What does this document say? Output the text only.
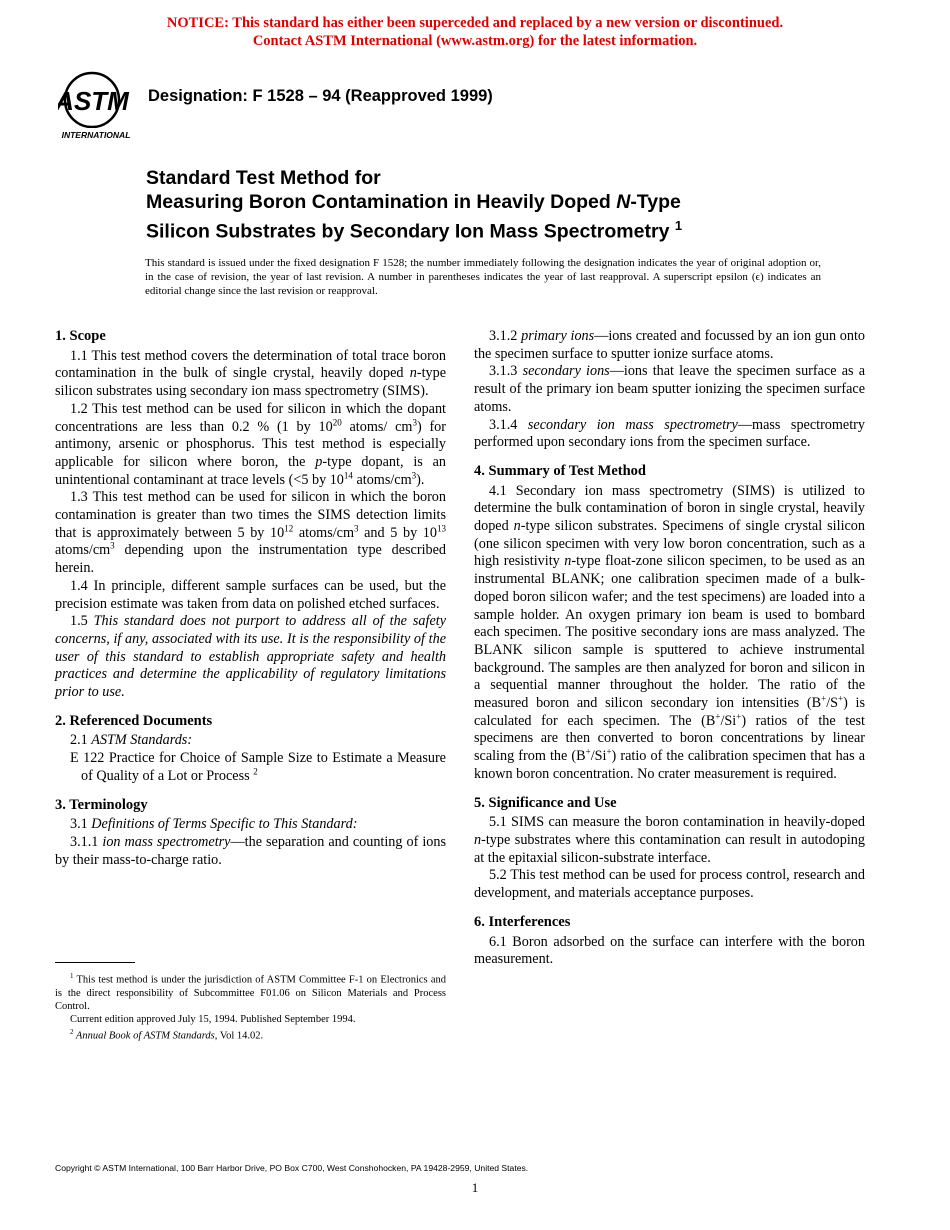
NOTICE: This standard has either been superceded and replaced by a new version or discontinued.
Contact ASTM International (www.astm.org) for the latest information.
ASTM
INTERNATIONAL
Designation: F 1528 – 94 (Reapproved 1999)
Standard Test Method for
Measuring Boron Contamination in Heavily Doped N-Type
Silicon Substrates by Secondary Ion Mass Spectrometry $^1$
This standard is issued under the fixed designation F 1528; the number immediately following the designation indicates the year of original adoption or, in the case of revision, the year of last revision. A number in parentheses indicates the year of last reapproval. A superscript epsilon (ϵ) indicates an editorial change since the last revision or reapproval.
1. Scope

1.1 This test method covers the determination of total trace boron contamination in the bulk of single crystal, heavily doped n-type silicon substrates using secondary ion mass spectrometry (SIMS).

1.2 This test method can be used for silicon in which the dopant concentrations are less than 0.2 % (1 by $10^{20}$ atoms/ $cm^3$) for antimony, arsenic or phosphorus. This test method is especially applicable for silicon where boron, the p-type dopant, is an unintentional contaminant at trace levels (<5 by $10^{14}$ atoms/$cm^3$).

1.3 This test method can be used for silicon in which the boron contamination is greater than two times the SIMS detection limits that is approximately between 5 by $10^{12}$ atoms/$cm^3$ and 5 by $10^{13}$ atoms/$cm^3$ depending upon the instrumentation type described herein.

1.4 In principle, different sample surfaces can be used, but the precision estimate was taken from data on polished etched surfaces.

1.5 This standard does not purport to address all of the safety concerns, if any, associated with its use. It is the responsibility of the user of this standard to establish appropriate safety and health practices and determine the applicability of regulatory limitations prior to use.

2. Referenced Documents

2.1 ASTM Standards:

E 122 Practice for Choice of Sample Size to Estimate a Measure of Quality of a Lot or Process $^2$

3. Terminology

3.1 Definitions of Terms Specific to This Standard:

3.1.1 ion mass spectrometry—the separation and counting of ions by their mass-to-charge ratio.

$^1$ This test method is under the jurisdiction of ASTM Committee F-1 on Electronics and is the direct responsibility of Subcommittee F01.06 on Silicon Materials and Process Control.

Current edition approved July 15, 1994. Published September 1994.

$^2$ Annual Book of ASTM Standards, Vol 14.02.

3.1.2 primary ions—ions created and focussed by an ion gun onto the specimen surface to sputter ionize surface atoms.

3.1.3 secondary ions—ions that leave the specimen surface as a result of the primary ion beam sputter ionizing the specimen surface atoms.

3.1.4 secondary ion mass spectrometry—mass spectrometry performed upon secondary ions from the specimen surface.

4. Summary of Test Method

4.1 Secondary ion mass spectrometry (SIMS) is utilized to determine the bulk contamination of boron in single crystal, heavily doped n-type silicon substrates. Specimens of single crystal silicon (one silicon specimen with very low boron concentration, such as a high resistivity n-type float-zone silicon specimen, to be used as an instrumental BLANK; one calibration specimen made of a bulk-doped boron silicon wafer; and the test specimens) are loaded into a sample holder. An oxygen primary ion beam is used to bombard each specimen. The positive secondary ions are mass analyzed. The BLANK silicon sample is sputtered to achieve instrumental background. The samples are then analyzed for boron and silicon in a sequential manner throughout the holder. The ratio of the measured boron and silicon secondary ion intensities (B+/S+) is calculated for each specimen. The (B+/Si+) ratios of the test specimens are then converted to boron concentrations by linear scaling from the (B+/Si+) ratio of the calibration specimen that has a known boron concentration. No crater measurement is required.

5. Significance and Use

5.1 SIMS can measure the boron contamination in heavily-doped n-type substrates where this contamination can result in autodoping at the epitaxial silicon-substrate interface.

5.2 This test method can be used for process control, research and development, and materials acceptance purposes.

6. Interferences

6.1 Boron adsorbed on the surface can interfere with the boron measurement.

Copyright © ASTM International, 100 Barr Harbor Drive, PO Box C700, West Conshohocken, PA 19428-2959, United States.
1
